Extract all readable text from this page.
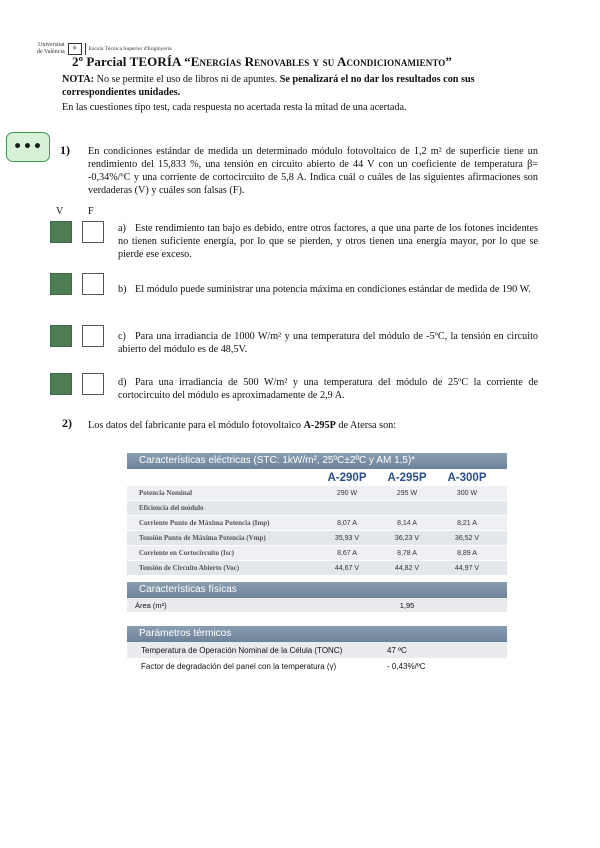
Universitat
de València	⚘	Escola Tècnica Superior d'Enginyeria
2º Parcial TEORÍA “Energías Renovables y su Acondicionamiento”
NOTA: No se permite el uso de libros ni de apuntes. Se penalizará el no dar los resultados con sus correspondientes unidades.
En las cuestiones tipo test, cada respuesta no acertada resta la mitad de una acertada.
••• 1) En condiciones estándar de medida un determinado módulo fotovoltaico de 1,2 m² de superficie tiene un rendimiento del 15,833 %, una tensión en circuito abierto de 44 V con un coeficiente de temperatura β= -0,34%/ºC y una corriente de cortocircuito de 5,8 A. Indica cuál o cuáles de las siguientes afirmaciones son verdaderas (V) y cuáles son falsas (F).
V F
a) Este rendimiento tan bajo es debido, entre otros factores, a que una parte de los fotones incidentes no tienen suficiente energía, por lo que se pierden, y otros tienen una energía mayor, por lo que se pierde ese exceso.
b) El módulo puede suministrar una potencia máxima en condiciones estándar de medida de 190 W.
c) Para una irradiancia de 1000 W/m² y una temperatura del módulo de -5ºC, la tensión en circuito abierto del módulo es de 48,5V.
d) Para una irradiancia de 500 W/m² y una temperatura del módulo de 25ºC la corriente de cortocircuito del módulo es aproximadamente de 2,9 A.
2) Los datos del fabricante para el módulo fotovoltaico A-295P de Atersa son:
Características eléctricas (STC: 1kW/m², 25ºC±2ºC y AM 1,5)*
A-290P	A-295P	A-300P
Potencia Nominal	290 W	295 W	300 W
Eficiencia del módulo
Corriente Punto de Máxima Potencia (Imp)	8,07 A	8,14 A	8,21 A
Tensión Punto de Máxima Potencia (Vmp)	35,93 V	36,23 V	36,52 V
Corriente en Cortocircuito (Isc)	8,67 A	8,78 A	8,89 A
Tensión de Circuito Abierto (Voc)	44,67 V	44,82 V	44,97 V
Características físicas
Área (m²)	1,95
Parámetros térmicos
Temperatura de Operación Nominal de la Célula (TONC)	47 ºC
Factor de degradación del panel con la temperatura (γ)	- 0,43%/ºC
